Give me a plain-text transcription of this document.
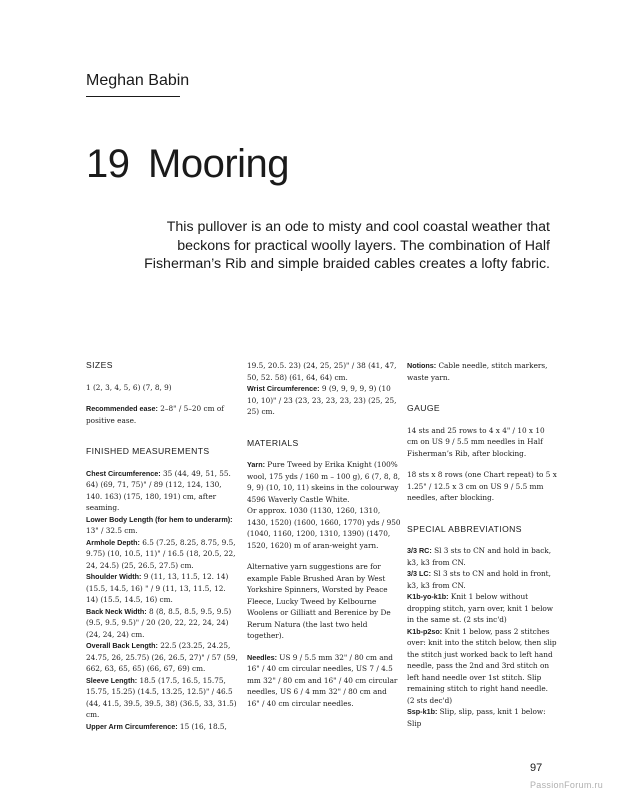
Meghan Babin
19 Mooring
This pullover is an ode to misty and cool coastal weather that
beckons for practical woolly layers. The combination of Half
Fisherman’s Rib and simple braided cables creates a lofty fabric.
SIZES
1 (2, 3, 4, 5, 6) (7, 8, 9)
Recommended ease: 2–8" / 5–20 cm of positive ease.
FINISHED MEASUREMENTS
Chest Circumference: 35 (44, 49, 51, 55. 64) (69, 71, 75)" / 89 (112, 124, 130, 140. 163) (175, 180, 191) cm, after seaming.
Lower Body Length (for hem to underarm): 13" / 32.5 cm.
Armhole Depth: 6.5 (7.25, 8.25, 8.75, 9.5, 9.75) (10, 10.5, 11)" / 16.5 (18, 20.5, 22, 24, 24.5) (25, 26.5, 27.5) cm.
Shoulder Width: 9 (11, 13, 11.5, 12. 14) (15.5, 14.5, 16) " / 9 (11, 13, 11.5, 12. 14) (15.5, 14.5, 16) cm.
Back Neck Width: 8 (8, 8.5, 8.5, 9.5, 9.5) (9.5, 9.5, 9.5)" / 20 (20, 22, 22, 24, 24) (24, 24, 24) cm.
Overall Back Length: 22.5 (23.25, 24.25, 24.75, 26, 25.75) (26, 26.5, 27)" / 57 (59, 662, 63, 65, 65) (66, 67, 69) cm.
Sleeve Length: 18.5 (17.5, 16.5, 15.75, 15.75, 15.25) (14.5, 13.25, 12.5)" / 46.5 (44, 41.5, 39.5, 39.5, 38) (36.5, 33, 31.5) cm.
Upper Arm Circumference: 15 (16, 18.5,
19.5, 20.5. 23) (24, 25, 25)" / 38 (41, 47, 50, 52. 58) (61, 64, 64) cm.
Wrist Circumference: 9 (9, 9, 9, 9, 9) (10 10, 10)" / 23 (23, 23, 23, 23, 23) (25, 25, 25) cm.
MATERIALS
Yarn: Pure Tweed by Erika Knight (100% wool, 175 yds / 160 m – 100 g), 6 (7, 8, 8, 9, 9) (10, 10, 11) skeins in the colourway 4596 Waverly Castle White.
Or approx. 1030 (1130, 1260, 1310, 1430, 1520) (1600, 1660, 1770) yds / 950 (1040, 1160, 1200, 1310, 1390) (1470, 1520, 1620) m of aran-weight yarn.
Alternative yarn suggestions are for example Fable Brushed Aran by West Yorkshire Spinners, Worsted by Peace Fleece, Lucky Tweed by Kelbourne Woolens or Gilliatt and Berenice by De Rerum Natura (the last two held together).
Needles: US 9 / 5.5 mm 32" / 80 cm and 16" / 40 cm circular needles, US 7 / 4.5 mm 32" / 80 cm and 16" / 40 cm circular needles, US 6 / 4 mm 32" / 80 cm and 16" / 40 cm circular needles.
Notions: Cable needle, stitch markers, waste yarn.
GAUGE
14 sts and 25 rows to 4 x 4" / 10 x 10 cm on US 9 / 5.5 mm needles in Half Fisherman’s Rib, after blocking.
18 sts x 8 rows (one Chart repeat) to 5 x 1.25" / 12.5 x 3 cm on US 9 / 5.5 mm needles, after blocking.
SPECIAL ABBREVIATIONS
3/3 RC: Sl 3 sts to CN and hold in back, k3, k3 from CN.
3/3 LC: Sl 3 sts to CN and hold in front, k3, k3 from CN.
K1b-yo-k1b: Knit 1 below without dropping stitch, yarn over, knit 1 below in the same st. (2 sts inc'd)
K1b-p2so: Knit 1 below, pass 2 stitches over: knit into the stitch below, then slip the stitch just worked back to left hand needle, pass the 2nd and 3rd stitch on left hand needle over 1st stitch. Slip remaining stitch to right hand needle. (2 sts dec'd)
Ssp-k1b: Slip, slip, pass, knit 1 below: Slip
97
PassionForum.ru
